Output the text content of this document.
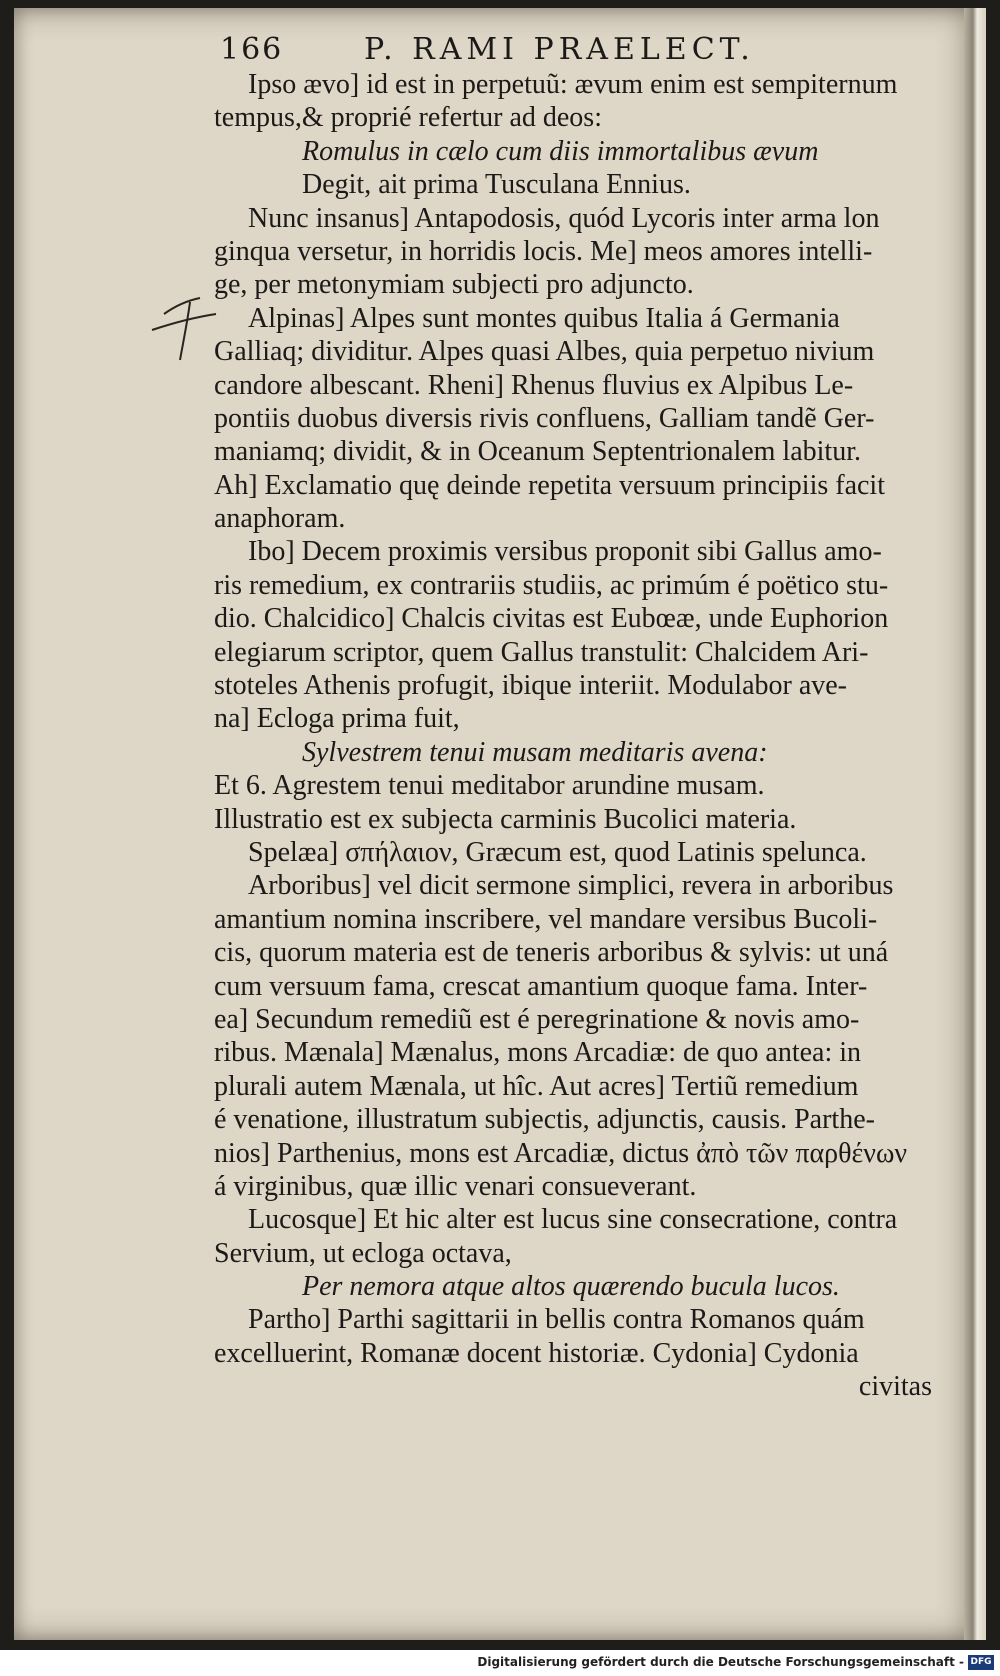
166	P. RAMI PRAELECT.
Ipso ævo] id est in perpetuũ: ævum enim est sempiternum
tempus,& proprié refertur ad deos:
Romulus in cælo cum diis immortalibus ævum
Degit, ait prima Tusculana Ennius.
Nunc insanus] Antapodosis, quód Lycoris inter arma lon
ginqua versetur, in horridis locis. Me] meos amores intelli-
ge, per metonymiam subjecti pro adjuncto.
Alpinas] Alpes sunt montes quibus Italia á Germania
Galliaq; dividitur. Alpes quasi Albes, quia perpetuo nivium
candore albescant. Rheni] Rhenus fluvius ex Alpibus Le-
pontiis duobus diversis rivis confluens, Galliam tandẽ Ger-
maniamq; dividit, & in Oceanum Septentrionalem labitur.
Ah] Exclamatio quę deinde repetita versuum principiis facit
anaphoram.
Ibo] Decem proximis versibus proponit sibi Gallus amo-
ris remedium, ex contrariis studiis, ac primúm é poëtico stu-
dio. Chalcidico] Chalcis civitas est Eubœæ, unde Euphorion
elegiarum scriptor, quem Gallus transtulit: Chalcidem Ari-
stoteles Athenis profugit, ibique interiit. Modulabor ave-
na] Ecloga prima fuit,
Sylvestrem tenui musam meditaris avena:
Et 6. Agrestem tenui meditabor arundine musam.
Illustratio est ex subjecta carminis Bucolici materia.
Spelæa] σπήλαιον, Græcum est, quod Latinis spelunca.
Arboribus] vel dicit sermone simplici, revera in arboribus
amantium nomina inscribere, vel mandare versibus Bucoli-
cis, quorum materia est de teneris arboribus & sylvis: ut uná
cum versuum fama, crescat amantium quoque fama. Inter-
ea] Secundum remediũ est é peregrinatione & novis amo-
ribus. Mænala] Mænalus, mons Arcadiæ: de quo antea: in
plurali autem Mænala, ut hîc. Aut acres] Tertiũ remedium
é venatione, illustratum subjectis, adjunctis, causis. Parthe-
nios] Parthenius, mons est Arcadiæ, dictus ἀπὸ τῶν παρθένων
á virginibus, quæ illic venari consueverant.
Lucosque] Et hic alter est lucus sine consecratione, contra
Servium, ut ecloga octava,
Per nemora atque altos quærendo bucula lucos.
Partho] Parthi sagittarii in bellis contra Romanos quám
excelluerint, Romanæ docent historiæ. Cydonia] Cydonia
civitas
Digitalisierung gefördert durch die Deutsche Forschungsgemeinschaft - DFG
